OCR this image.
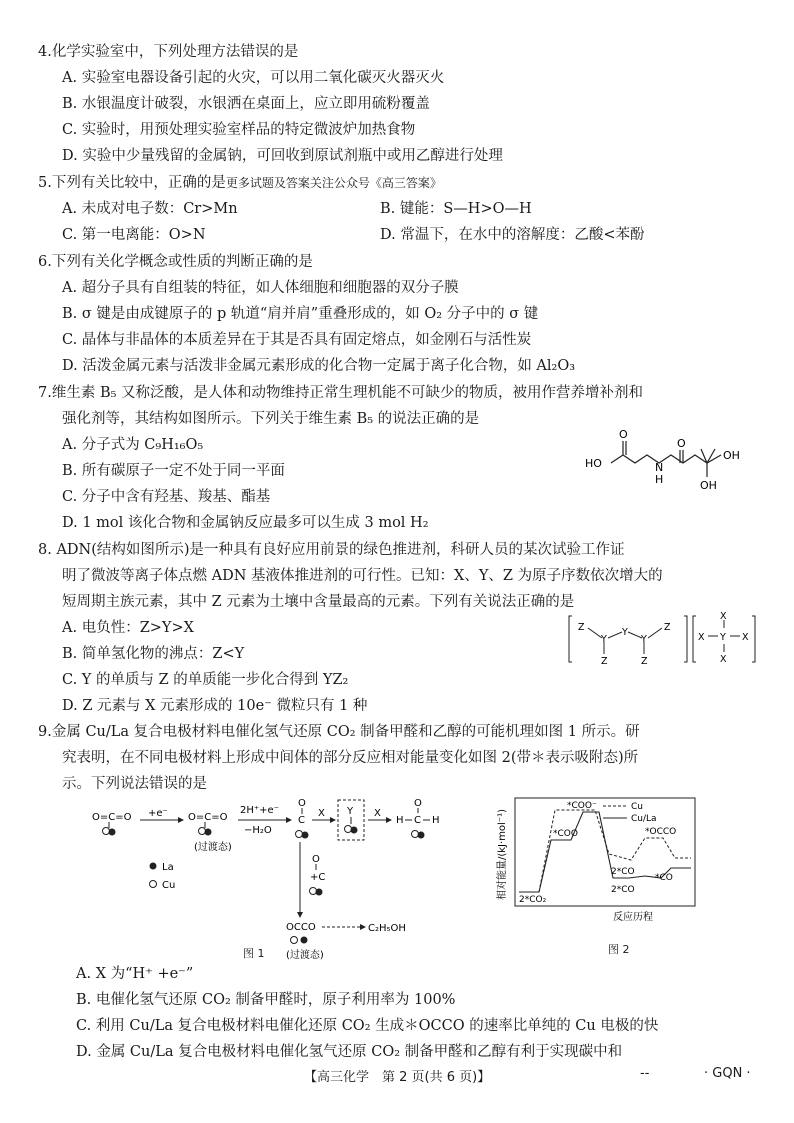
4.化学实验室中，下列处理方法错误的是
A. 实验室电器设备引起的火灾，可以用二氧化碳灭火器灭火
B. 水银温度计破裂，水银洒在桌面上，应立即用硫粉覆盖
C. 实验时，用预处理实验室样品的特定微波炉加热食物
D. 实验中少量残留的金属钠，可回收到原试剂瓶中或用乙醇进行处理
5.下列有关比较中，正确的是更多试题及答案关注公众号《高三答案》
A. 未成对电子数：Cr>Mn	B. 键能：S—H>O—H
C. 第一电离能：O>N	D. 常温下，在水中的溶解度：乙酸<苯酚
6.下列有关化学概念或性质的判断正确的是
A. 超分子具有自组装的特征，如人体细胞和细胞器的双分子膜
B. σ 键是由成键原子的 p 轨道“肩并肩”重叠形成的，如 O₂ 分子中的 σ 键
C. 晶体与非晶体的本质差异在于其是否具有固定熔点，如金刚石与活性炭
D. 活泼金属元素与活泼非金属元素形成的化合物一定属于离子化合物，如 Al₂O₃
7.维生素 B₅ 又称泛酸，是人体和动物维持正常生理机能不可缺少的物质，被用作营养增补剂和
强化剂等，其结构如图所示。下列关于维生素 B₅ 的说法正确的是
A. 分子式为 C₉H₁₆O₅
B. 所有碳原子一定不处于同一平面
C. 分子中含有羟基、羧基、酯基
D. 1 mol 该化合物和金属钠反应最多可以生成 3 mol H₂
HO
O
N
H
O
OH
OH
8. ADN(结构如图所示)是一种具有良好应用前景的绿色推进剂，科研人员的某次试验工作证
明了微波等离子体点燃 ADN 基液体推进剂的可行性。已知：X、Y、Z 为原子序数依次增大的
短周期主族元素，其中 Z 元素为土壤中含量最高的元素。下列有关说法正确的是
A. 电负性：Z>Y>X
B. 简单氢化物的沸点：Z<Y
C. Y 的单质与 Z 的单质能一步化合得到 YZ₂
D. Z 元素与 X 元素形成的 10e⁻ 微粒只有 1 种
Z
Y
Y
Y
Z
Z	Z
X
X Y X
X
9.金属 Cu/La 复合电极材料电催化氢气还原 CO₂ 制备甲醛和乙醇的可能机理如图 1 所示。研
究表明，在不同电极材料上形成中间体的部分反应相对能量变化如图 2(带＊表示吸附态)所
示。下列说法错误的是
O=C=O +e⁻ O=C=O
(过渡态)
2H⁺+e⁻
−H₂O
O
C
X Y X
H C H
O
O
+C
OCCO
(过渡态)
C₂H₅OH
La
Cu
图 1
相对能量/(kJ·mol⁻¹) 2*CO₂
*COO
*COO⁻
*OCCO
2*CO
2*CO
*CO
Cu
Cu/La
反应历程
图 2
A. X 为“H⁺ +e⁻”
B. 电催化氢气还原 CO₂ 制备甲醛时，原子利用率为 100%
C. 利用 Cu/La 复合电极材料电催化还原 CO₂ 生成＊OCCO 的速率比单纯的 Cu 电极的快
D. 金属 Cu/La 复合电极材料电催化氢气还原 CO₂ 制备甲醛和乙醇有利于实现碳中和
【高三化学　第 2 页(共 6 页)】	--	· GQN ·
